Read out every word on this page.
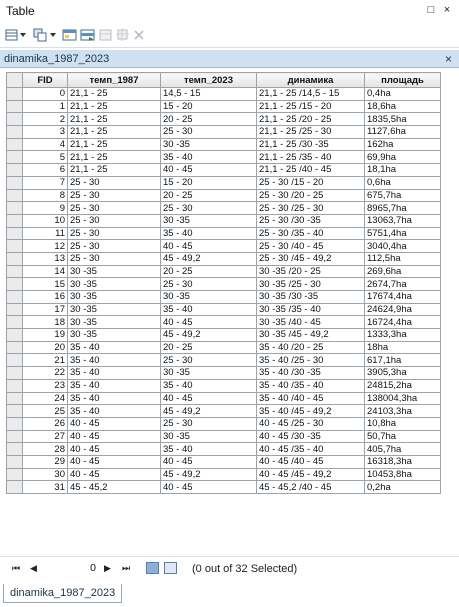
Table	□ ×
dinamika_1987_2023	×
	FID	темп_1987	темп_2023	динамика	площадь
	0	21,1 - 25	14,5 - 15	21,1 - 25 /14,5 - 15	0,4ha
	1	21,1 - 25	15 - 20	21,1 - 25 /15 - 20	18,6ha
	2	21,1 - 25	20 - 25	21,1 - 25 /20 - 25	1835,5ha
	3	21,1 - 25	25 - 30	21,1 - 25 /25 - 30	1127,6ha
	4	21,1 - 25	30 -35	21,1 - 25 /30 -35	162ha
	5	21,1 - 25	35 - 40	21,1 - 25 /35 - 40	69,9ha
	6	21,1 - 25	40 - 45	21,1 - 25 /40 - 45	18,1ha
	7	25 - 30	15 - 20	25 - 30 /15 - 20	0,6ha
	8	25 - 30	20 - 25	25 - 30 /20 - 25	675,7ha
	9	25 - 30	25 - 30	25 - 30 /25 - 30	8965,7ha
	10	25 - 30	30 -35	25 - 30 /30 -35	13063,7ha
	11	25 - 30	35 - 40	25 - 30 /35 - 40	5751,4ha
	12	25 - 30	40 - 45	25 - 30 /40 - 45	3040,4ha
	13	25 - 30	45 - 49,2	25 - 30 /45 - 49,2	112,5ha
	14	30 -35	20 - 25	30 -35 /20 - 25	269,6ha
	15	30 -35	25 - 30	30 -35 /25 - 30	2674,7ha
	16	30 -35	30 -35	30 -35 /30 -35	17674,4ha
	17	30 -35	35 - 40	30 -35 /35 - 40	24624,9ha
	18	30 -35	40 - 45	30 -35 /40 - 45	16724,4ha
	19	30 -35	45 - 49,2	30 -35 /45 - 49,2	1333,3ha
	20	35 - 40	20 - 25	35 - 40 /20 - 25	18ha
	21	35 - 40	25 - 30	35 - 40 /25 - 30	617,1ha
	22	35 - 40	30 -35	35 - 40 /30 -35	3905,3ha
	23	35 - 40	35 - 40	35 - 40 /35 - 40	24815,2ha
	24	35 - 40	40 - 45	35 - 40 /40 - 45	138004,3ha
	25	35 - 40	45 - 49,2	35 - 40 /45 - 49,2	24103,3ha
	26	40 - 45	25 - 30	40 - 45 /25 - 30	10,8ha
	27	40 - 45	30 -35	40 - 45 /30 -35	50,7ha
	28	40 - 45	35 - 40	40 - 45 /35 - 40	405,7ha
	29	40 - 45	40 - 45	40 - 45 /40 - 45	16318,3ha
	30	40 - 45	45 - 49,2	40 - 45 /45 - 49,2	10453,8ha
	31	45 - 45,2	40 - 45	45 - 45,2 /40 - 45	0,2ha
⏮ ◀	0 ▶ ⏭	(0 out of 32 Selected)
dinamika_1987_2023
